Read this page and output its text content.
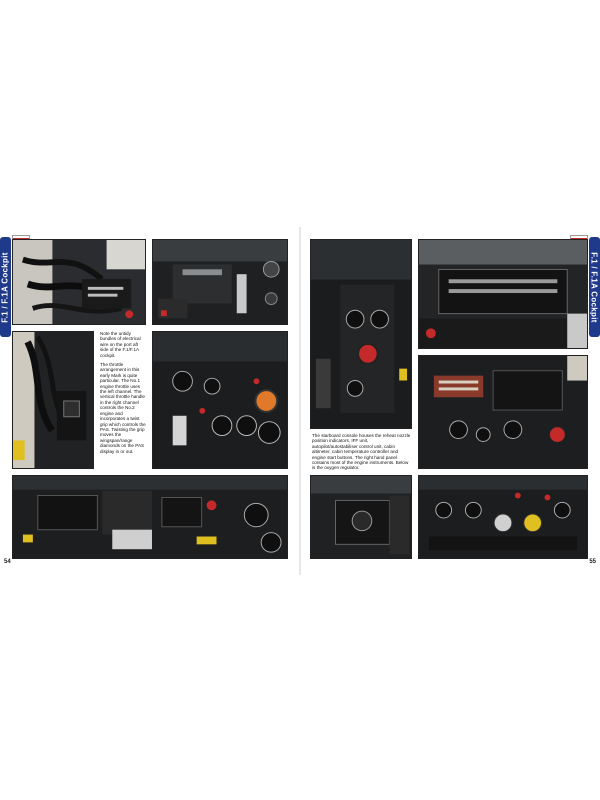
F.1 / F.1A Cockpit

Note the untidy bundles of electrical wire on the port aft side of the F.1/F.1A cockpit.

The throttle arrangement in this early Mark is quite particular. The No.1 engine throttle uses the left channel. The vertical throttle handle in the right channel controls the No.2 engine and incorporates a twist grip which controls the PAS. Twisting the grip moves the wingspan/range diamonds on the PAS display in or out.

54
F.1 / F.1A Cockpit

The starboard console houses the reheat nozzle position indicators, IFF unit, autopilot/autostabiliser control unit, cabin altimeter, cabin temperature controller and engine start buttons. The right hand panel contains most of the engine instruments. Below is the oxygen regulator.

55
